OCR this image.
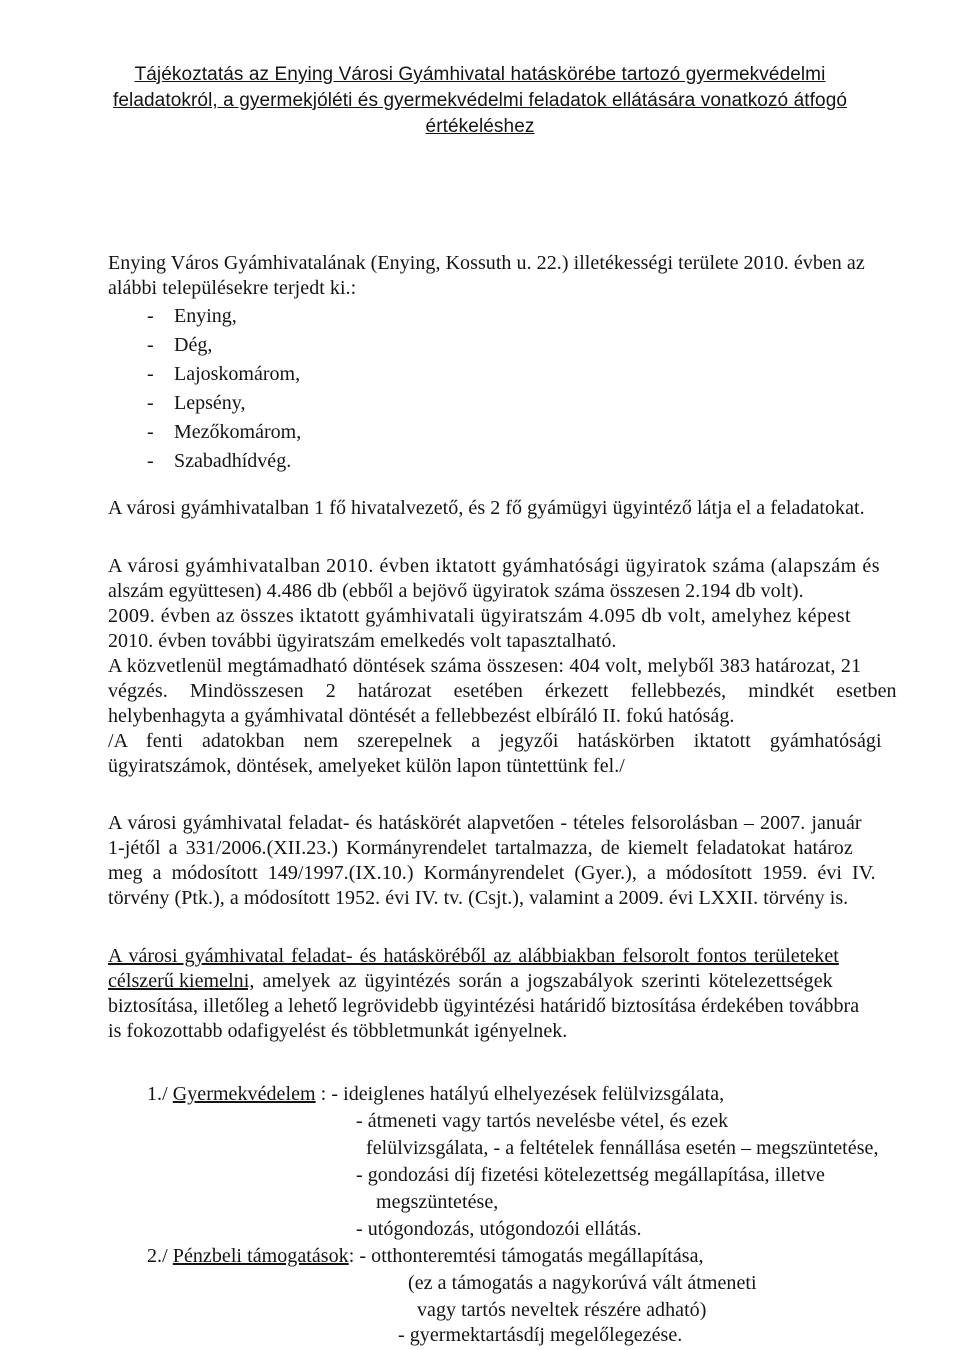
Tájékoztatás az Enying Városi Gyámhivatal hatáskörébe tartozó gyermekvédelmi
feladatokról, a gyermekjóléti és gyermekvédelmi feladatok ellátására vonatkozó átfogó
értékeléshez
Enying Város Gyámhivatalának (Enying, Kossuth u. 22.) illetékességi területe 2010. évben az
alábbi településekre terjedt ki.:
- Enying,
- Dég,
- Lajoskomárom,
- Lepsény,
- Mezőkomárom,
- Szabadhídvég.
A városi gyámhivatalban 1 fő hivatalvezető, és 2 fő gyámügyi ügyintéző látja el a feladatokat.
A városi gyámhivatalban 2010. évben iktatott gyámhatósági ügyiratok száma (alapszám és
alszám együttesen) 4.486 db (ebből a bejövő ügyiratok száma összesen 2.194 db volt).
2009. évben az összes iktatott gyámhivatali ügyiratszám 4.095 db volt, amelyhez képest
2010. évben további ügyiratszám emelkedés volt tapasztalható.
A közvetlenül megtámadható döntések száma összesen: 404 volt, melyből 383 határozat, 21
végzés. Mindösszesen 2 határozat esetében érkezett fellebbezés, mindkét esetben
helybenhagyta a gyámhivatal döntését a fellebbezést elbíráló II. fokú hatóság.
/A fenti adatokban nem szerepelnek a jegyzői hatáskörben iktatott gyámhatósági
ügyiratszámok, döntések, amelyeket külön lapon tüntettünk fel./
A városi gyámhivatal feladat- és hatáskörét alapvetően - tételes felsorolásban – 2007. január
1-jétől a 331/2006.(XII.23.) Kormányrendelet tartalmazza, de kiemelt feladatokat határoz
meg a módosított 149/1997.(IX.10.) Kormányrendelet (Gyer.), a módosított 1959. évi IV.
törvény (Ptk.), a módosított 1952. évi IV. tv. (Csjt.), valamint a 2009. évi LXXII. törvény is.
A városi gyámhivatal feladat- és hatásköréből az alábbiakban felsorolt fontos területeket
célszerű kiemelni, amelyek az ügyintézés során a jogszabályok szerinti kötelezettségek
biztosítása, illetőleg a lehető legrövidebb ügyintézési határidő biztosítása érdekében továbbra
is fokozottabb odafigyelést és többletmunkát igényelnek.
1./ Gyermekvédelem : - ideiglenes hatályú elhelyezések felülvizsgálata,
- átmeneti vagy tartós nevelésbe vétel, és ezek
felülvizsgálata, - a feltételek fennállása esetén – megszüntetése,
- gondozási díj fizetési kötelezettség megállapítása, illetve
megszüntetése,
- utógondozás, utógondozói ellátás.
2./ Pénzbeli támogatások: - otthonteremtési támogatás megállapítása,
(ez a támogatás a nagykorúvá vált átmeneti
vagy tartós neveltek részére adható)
- gyermektartásdíj megelőlegezése.
